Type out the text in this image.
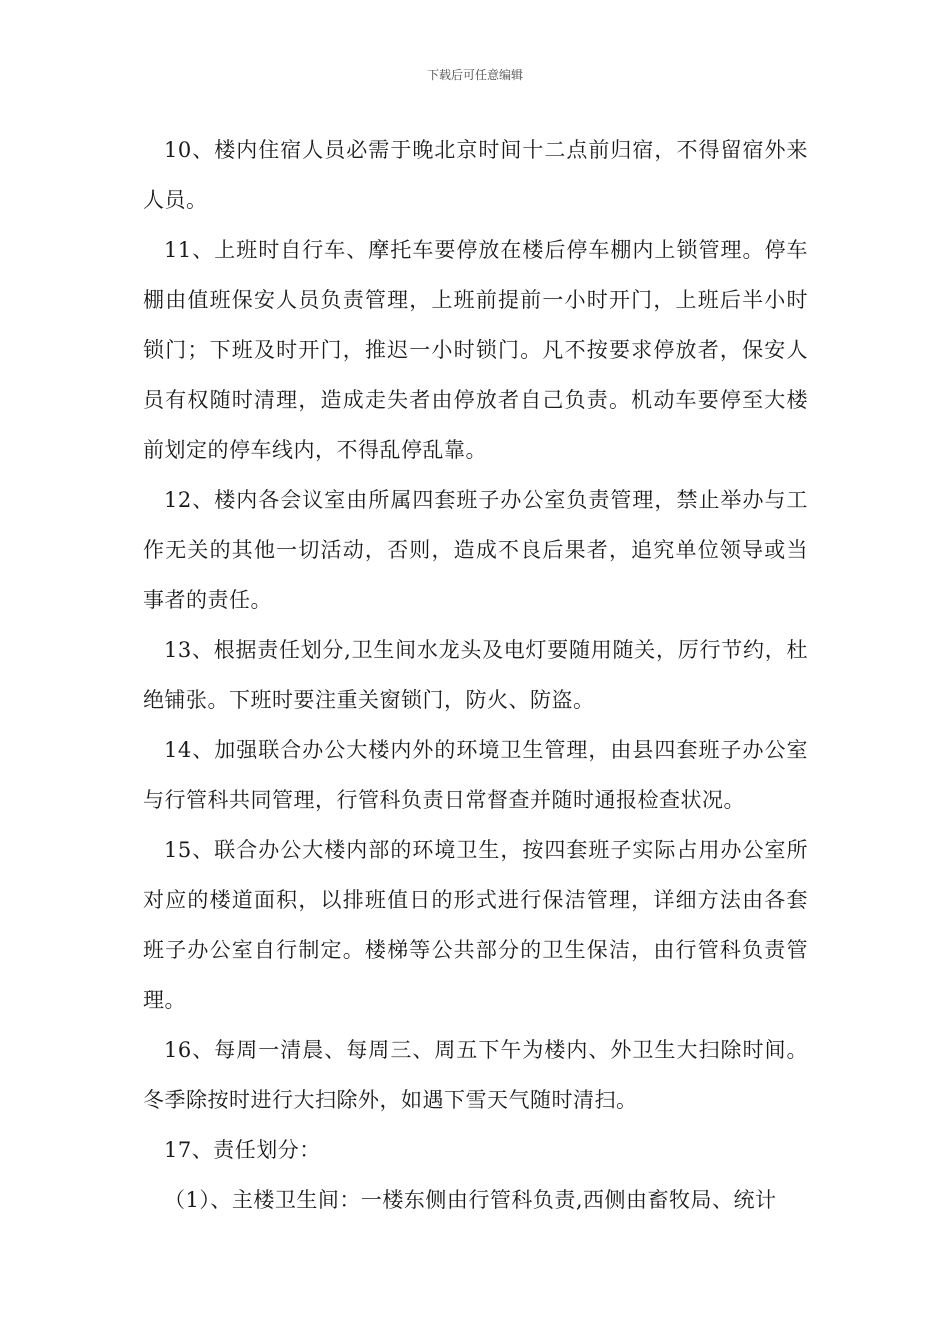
下载后可任意编辑

10、楼内住宿人员必需于晚北京时间十二点前归宿，不得留宿外来人员。

11、上班时自行车、摩托车要停放在楼后停车棚内上锁管理。停车棚由值班保安人员负责管理，上班前提前一小时开门，上班后半小时锁门；下班及时开门，推迟一小时锁门。凡不按要求停放者，保安人员有权随时清理，造成走失者由停放者自己负责。机动车要停至大楼前划定的停车线内，不得乱停乱靠。

12、楼内各会议室由所属四套班子办公室负责管理，禁止举办与工作无关的其他一切活动，否则，造成不良后果者，追究单位领导或当事者的责任。

13、根据责任划分,卫生间水龙头及电灯要随用随关，厉行节约，杜绝铺张。下班时要注重关窗锁门，防火、防盗。

14、加强联合办公大楼内外的环境卫生管理，由县四套班子办公室与行管科共同管理，行管科负责日常督查并随时通报检查状况。

15、联合办公大楼内部的环境卫生，按四套班子实际占用办公室所对应的楼道面积，以排班值日的形式进行保洁管理，详细方法由各套班子办公室自行制定。楼梯等公共部分的卫生保洁，由行管科负责管理。

16、每周一清晨、每周三、周五下午为楼内、外卫生大扫除时间。冬季除按时进行大扫除外，如遇下雪天气随时清扫。

17、责任划分：

（1）、主楼卫生间：一楼东侧由行管科负责,西侧由畜牧局、统计
